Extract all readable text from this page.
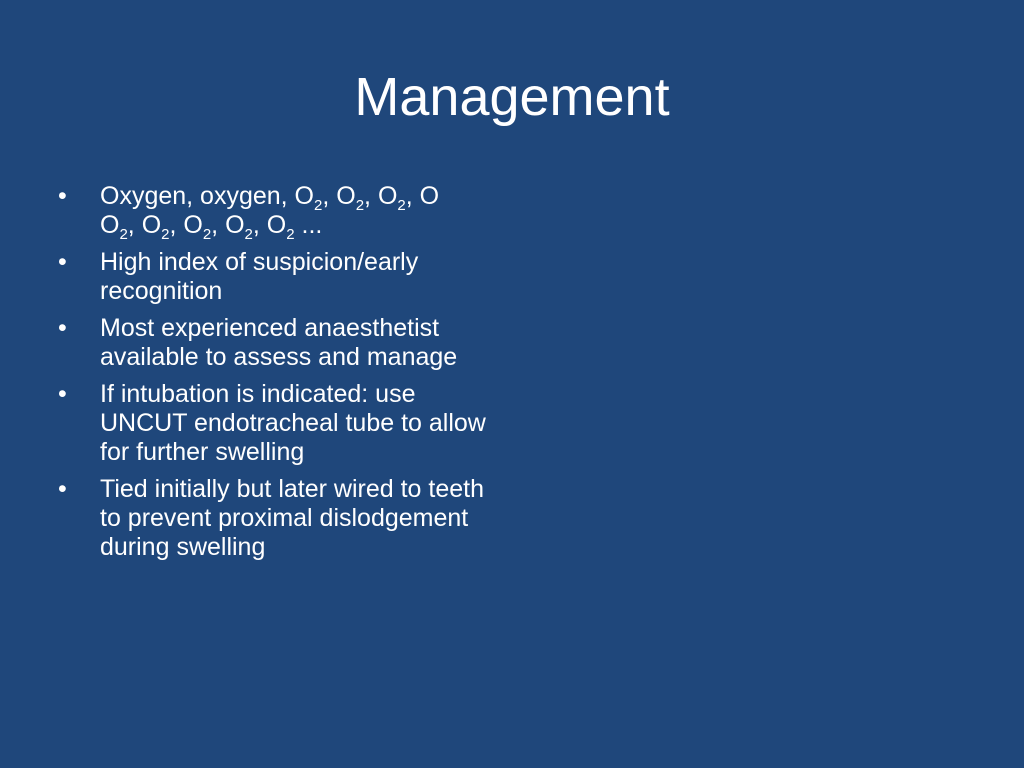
Management
• Oxygen, oxygen, $O_2$, $O_2$, $O_2$, O
$O_2$, $O_2$, $O_2$, $O_2$, $O_2$ ...
• High index of suspicion/early recognition
• Most experienced anaesthetist available to assess and manage
• If intubation is indicated: use UNCUT endotracheal tube to allow for further swelling
• Tied initially but later wired to teeth to prevent proximal dislodgement during swelling
